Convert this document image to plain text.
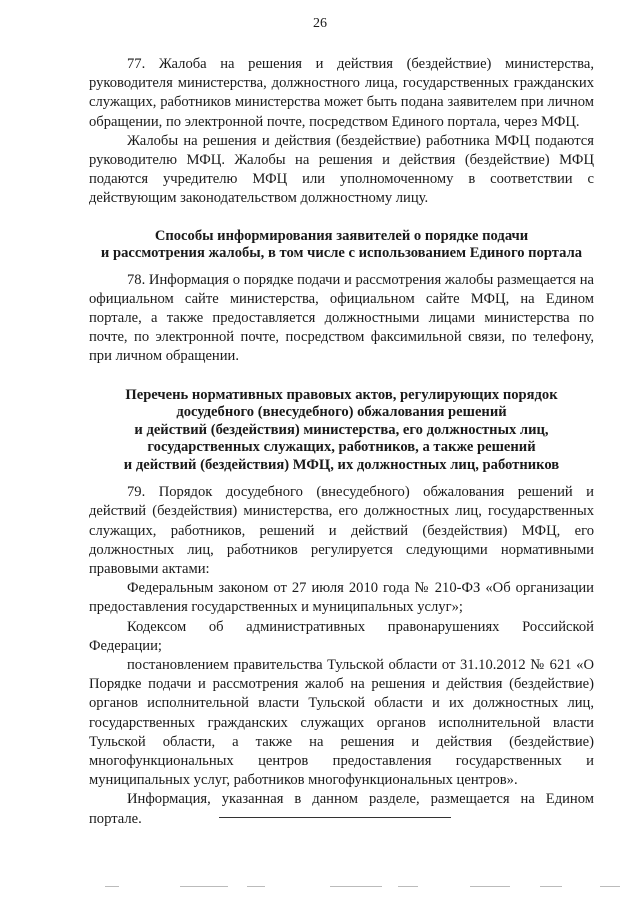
26

77. Жалоба на решения и действия (бездействие) министерства, руководителя министерства, должностного лица, государственных гражданских служащих, работников министерства может быть подана заявителем при личном обращении, по электронной почте, посредством Единого портала, через МФЦ.

Жалобы на решения и действия (бездействие) работника МФЦ подаются руководителю МФЦ. Жалобы на решения и действия (бездействие) МФЦ подаются учредителю МФЦ или уполномоченному в соответствии с действующим законодательством должностному лицу.

Способы информирования заявителей о порядке подачи
и рассмотрения жалобы, в том числе с использованием Единого портала

78. Информация о порядке подачи и рассмотрения жалобы размещается на официальном сайте министерства, официальном сайте МФЦ, на Едином портале, а также предоставляется должностными лицами министерства по почте, по электронной почте, посредством факсимильной связи, по телефону, при личном обращении.

Перечень нормативных правовых актов, регулирующих порядок
досудебного (внесудебного) обжалования решений
и действий (бездействия) министерства, его должностных лиц,
государственных служащих, работников, а также решений
и действий (бездействия) МФЦ, их должностных лиц, работников

79. Порядок досудебного (внесудебного) обжалования решений и действий (бездействия) министерства, его должностных лиц, государственных служащих, работников, решений и действий (бездействия) МФЦ, его должностных лиц, работников регулируется следующими нормативными правовыми актами:

Федеральным законом от 27 июля 2010 года № 210-ФЗ «Об организации предоставления государственных и муниципальных услуг»;

Кодексом об административных правонарушениях Российской Федерации;

постановлением правительства Тульской области от 31.10.2012 № 621 «О Порядке подачи и рассмотрения жалоб на решения и действия (бездействие) органов исполнительной власти Тульской области и их должностных лиц, государственных гражданских служащих органов исполнительной власти Тульской области, а также на решения и действия (бездействие) многофункциональных центров предоставления государственных и муниципальных услуг, работников многофункциональных центров».

Информация, указанная в данном разделе, размещается на Едином портале.
